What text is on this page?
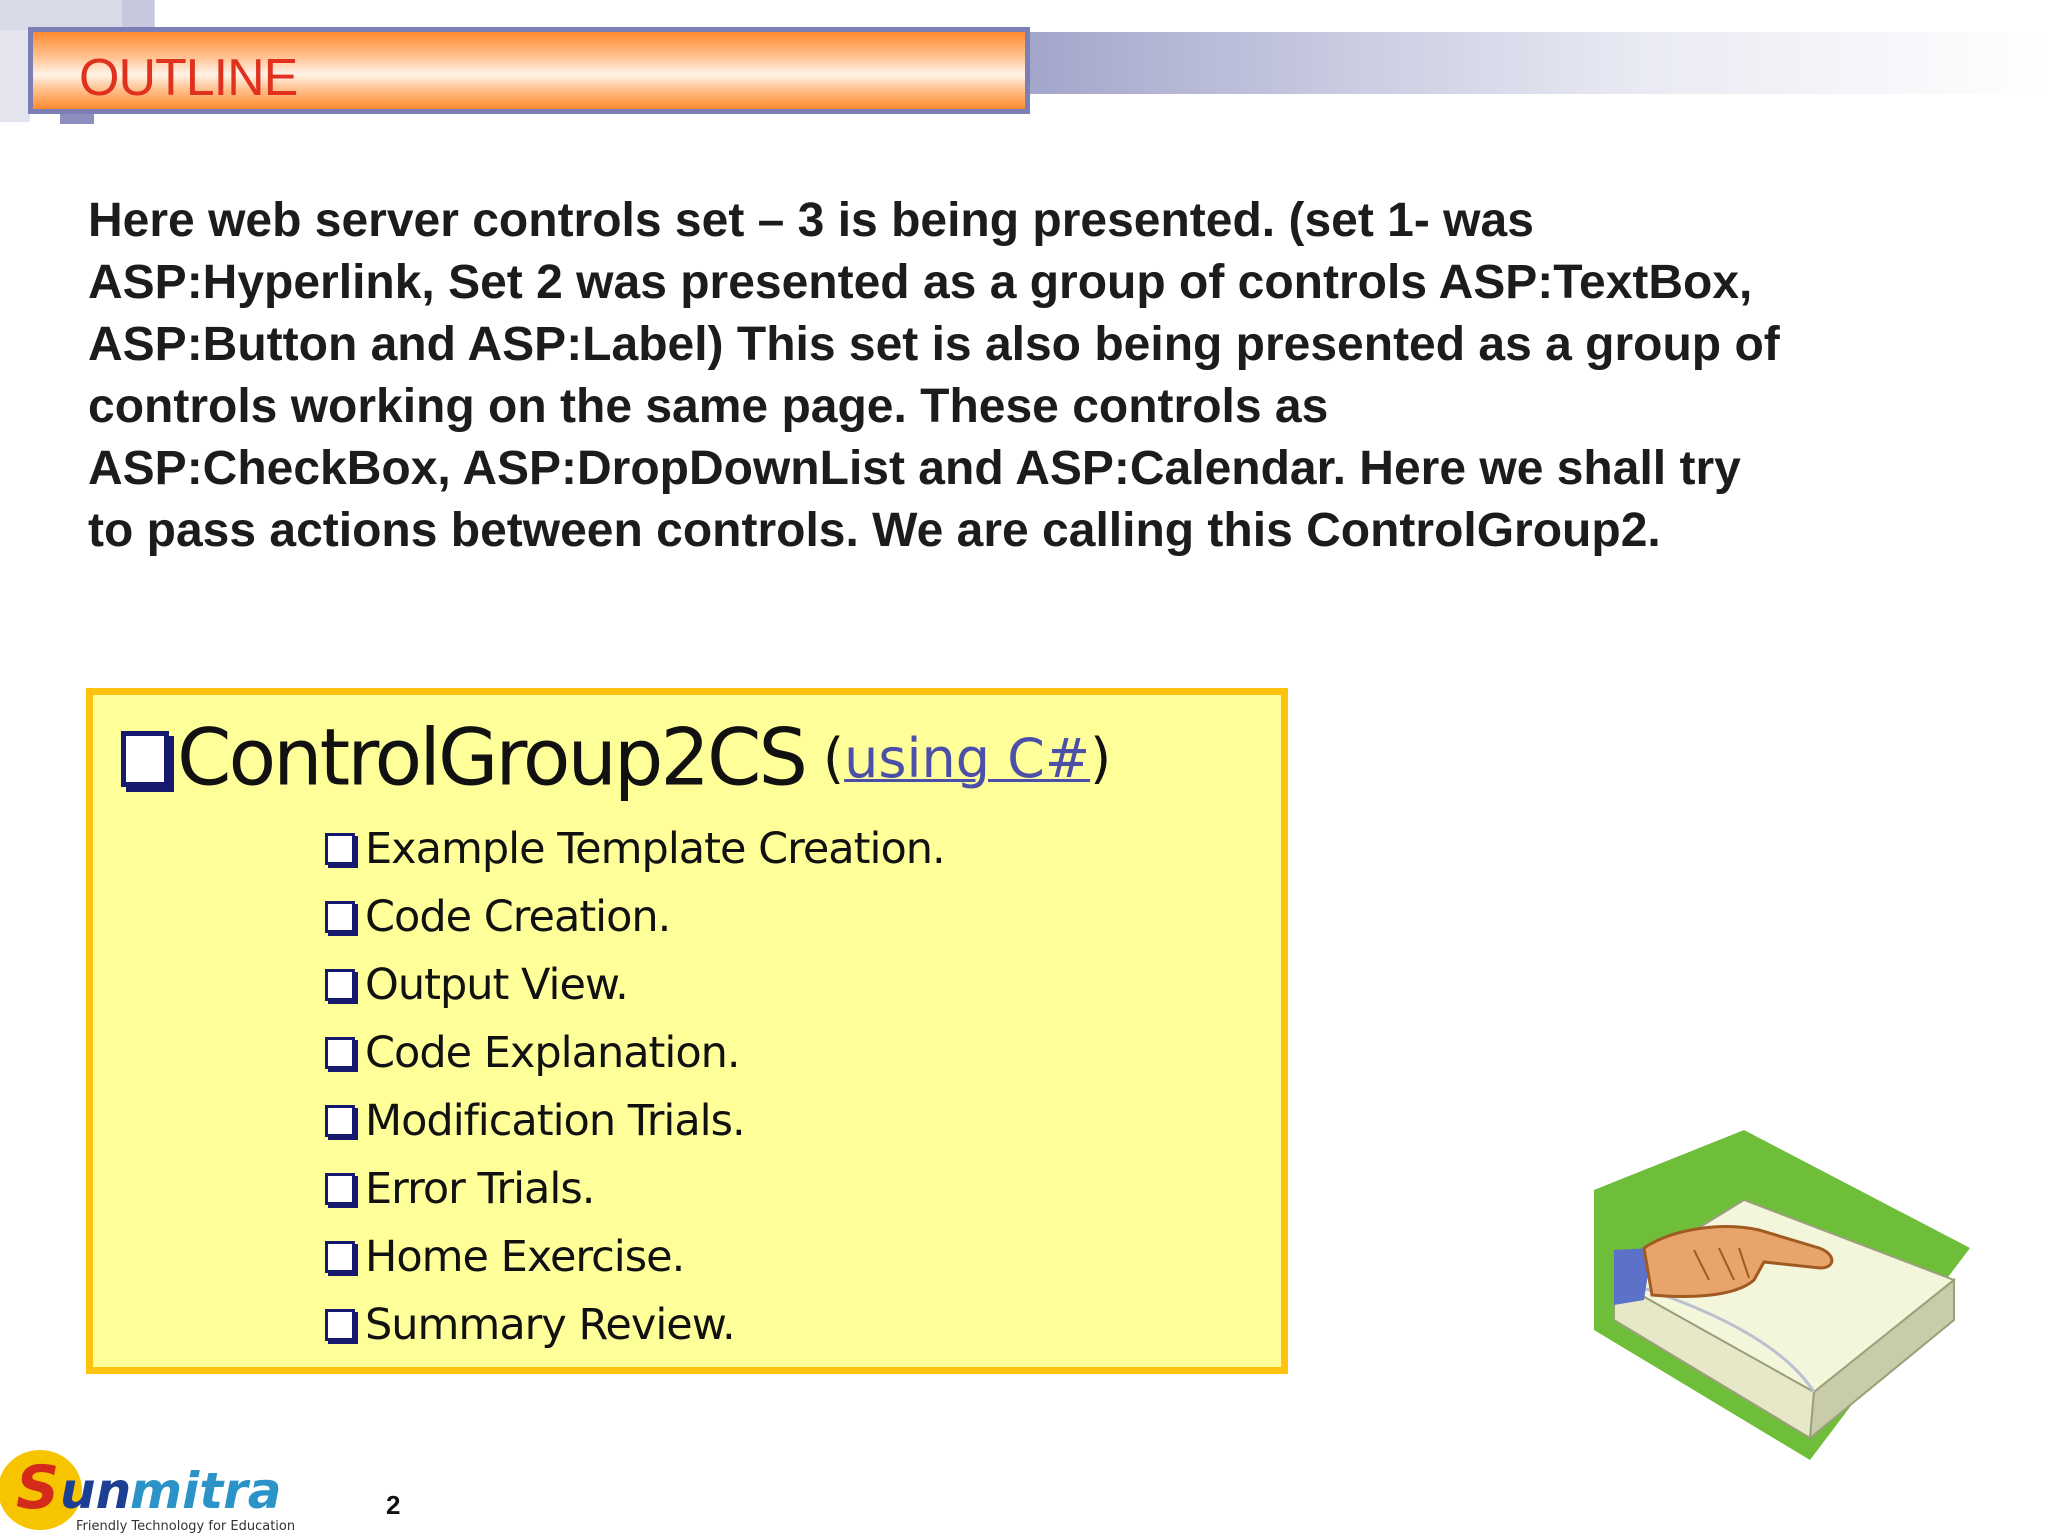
OUTLINE
Here web server controls set – 3 is being presented. (set 1- was
ASP:Hyperlink, Set 2 was presented as a group of controls ASP:TextBox,
ASP:Button and ASP:Label) This set is also being presented as a group of
controls working on the same page. These controls as
ASP:CheckBox, ASP:DropDownList and ASP:Calendar. Here we shall try
to pass actions between controls. We are calling this ControlGroup2.
ControlGroup2CS (using C#)
Example Template Creation.
Code Creation.
Output View.
Code Explanation.
Modification Trials.
Error Trials.
Home Exercise.
Summary Review.
S un
mitra
Friendly Technology for Education
2
